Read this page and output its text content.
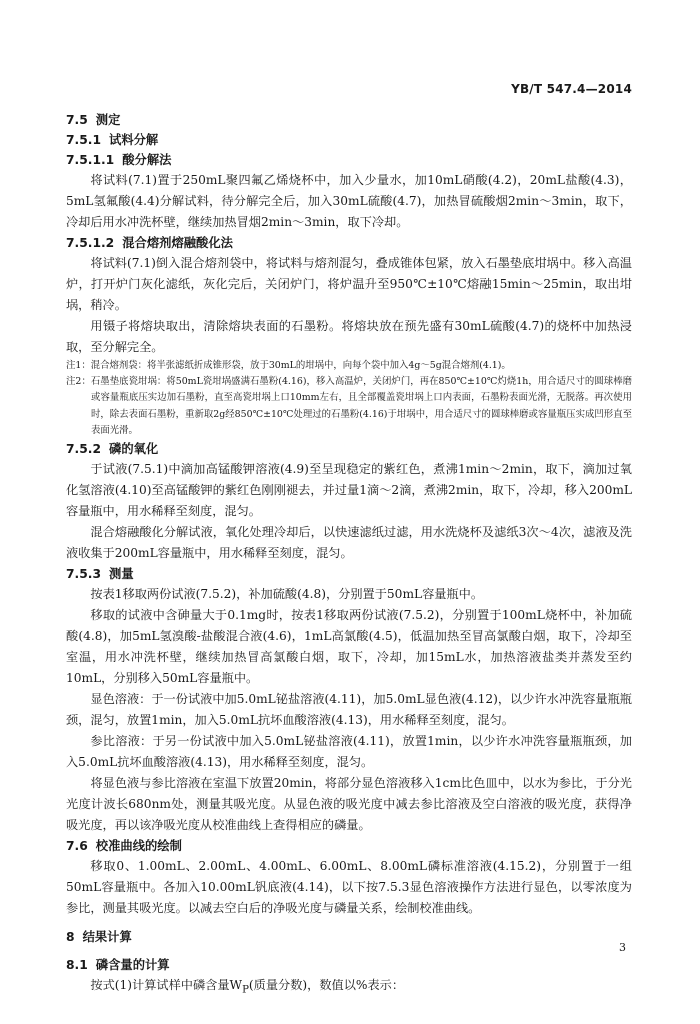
YB/T 547.4—2014

7.5 测定

7.5.1 试料分解

7.5.1.1 酸分解法

将试料(7.1)置于250mL聚四氟乙烯烧杯中，加入少量水，加10mL硝酸(4.2)，20mL盐酸(4.3)，5mL氢氟酸(4.4)分解试料，待分解完全后，加入30mL硫酸(4.7)，加热冒硫酸烟2min～3min，取下，冷却后用水冲洗杯壁，继续加热冒烟2min～3min，取下冷却。

7.5.1.2 混合熔剂熔融酸化法

将试料(7.1)倒入混合熔剂袋中，将试料与熔剂混匀，叠成锥体包紧，放入石墨垫底坩埚中。移入高温炉，打开炉门灰化滤纸，灰化完后，关闭炉门，将炉温升至950℃±10℃熔融15min～25min，取出坩埚，稍冷。

用镊子将熔块取出，清除熔块表面的石墨粉。将熔块放在预先盛有30mL硫酸(4.7)的烧杯中加热浸取，至分解完全。

注1：混合熔剂袋：将半张滤纸折成锥形袋，放于30mL的坩埚中，向每个袋中加入4g～5g混合熔剂(4.1)。

注2：石墨垫底瓷坩埚：将50mL瓷坩埚盛满石墨粉(4.16)，移入高温炉，关闭炉门，再在850℃±10℃灼烧1h，用合适尺寸的圆球棒磨或容量瓶底压实边加石墨粉，直至高瓷坩埚上口10mm左右，且全部覆盖瓷坩埚上口内表面，石墨粉表面光滑，无脱落。再次使用时，除去表面石墨粉，重新取2g经850℃±10℃处理过的石墨粉(4.16)于坩埚中，用合适尺寸的圆球棒磨或容量瓶压实成凹形直至表面光滑。

7.5.2 磷的氧化

于试液(7.5.1)中滴加高锰酸钾溶液(4.9)至呈现稳定的紫红色，煮沸1min～2min，取下，滴加过氧化氢溶液(4.10)至高锰酸钾的紫红色刚刚褪去，并过量1滴～2滴，煮沸2min，取下，冷却，移入200mL容量瓶中，用水稀释至刻度，混匀。

混合熔融酸化分解试液，氧化处理冷却后，以快速滤纸过滤，用水洗烧杯及滤纸3次～4次，滤液及洗液收集于200mL容量瓶中，用水稀释至刻度，混匀。

7.5.3 测量

按表1移取两份试液(7.5.2)，补加硫酸(4.8)，分别置于50mL容量瓶中。

移取的试液中含砷量大于0.1mg时，按表1移取两份试液(7.5.2)，分别置于100mL烧杯中，补加硫酸(4.8)，加5mL氢溴酸-盐酸混合液(4.6)，1mL高氯酸(4.5)，低温加热至冒高氯酸白烟，取下，冷却至室温，用水冲洗杯壁，继续加热冒高氯酸白烟，取下，冷却，加15mL水，加热溶液盐类并蒸发至约10mL，分别移入50mL容量瓶中。

显色溶液：于一份试液中加5.0mL铋盐溶液(4.11)，加5.0mL显色液(4.12)，以少许水冲洗容量瓶瓶颈，混匀，放置1min，加入5.0mL抗坏血酸溶液(4.13)，用水稀释至刻度，混匀。

参比溶液：于另一份试液中加入5.0mL铋盐溶液(4.11)，放置1min，以少许水冲洗容量瓶瓶颈，加入5.0mL抗坏血酸溶液(4.13)，用水稀释至刻度，混匀。

将显色液与参比溶液在室温下放置20min，将部分显色溶液移入1cm比色皿中，以水为参比，于分光光度计波长680nm处，测量其吸光度。从显色液的吸光度中减去参比溶液及空白溶液的吸光度，获得净吸光度，再以该净吸光度从校准曲线上查得相应的磷量。

7.6 校准曲线的绘制

移取0、1.00mL、2.00mL、4.00mL、6.00mL、8.00mL磷标准溶液(4.15.2)，分别置于一组50mL容量瓶中。各加入10.00mL钒底液(4.14)，以下按7.5.3显色溶液操作方法进行显色，以零浓度为参比，测量其吸光度。以减去空白后的净吸光度与磷量关系，绘制校准曲线。

8 结果计算

8.1 磷含量的计算

按式(1)计算试样中磷含量$W_P$(质量分数)，数值以%表示：

3
